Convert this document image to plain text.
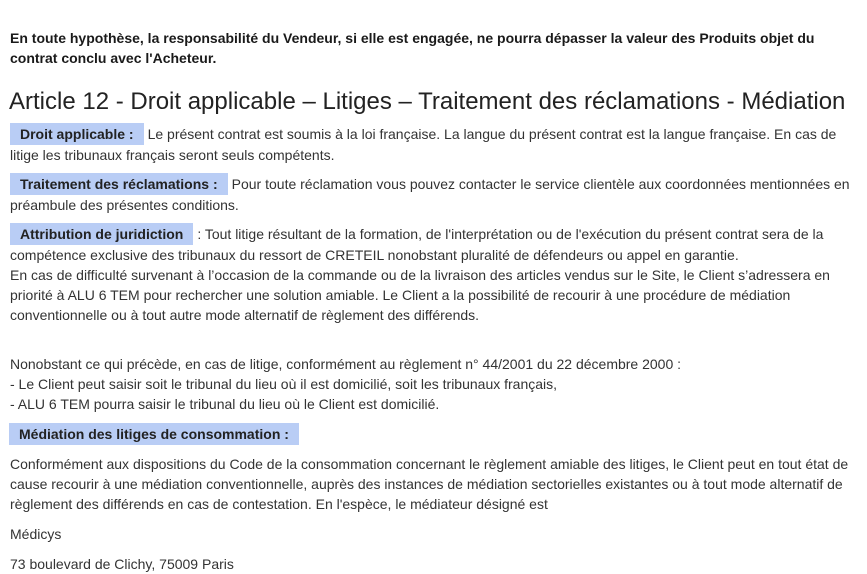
En toute hypothèse, la responsabilité du Vendeur, si elle est engagée, ne pourra dépasser la valeur des Produits objet du
contrat conclu avec l'Acheteur.

Article 12 - Droit applicable – Litiges – Traitement des réclamations - Médiation

Droit applicable : Le présent contrat est soumis à la loi française. La langue du présent contrat est la langue française. En cas de
litige les tribunaux français seront seuls compétents.

Traitement des réclamations : Pour toute réclamation vous pouvez contacter le service clientèle aux coordonnées mentionnées en
préambule des présentes conditions.

Attribution de juridiction : Tout litige résultant de la formation, de l'interprétation ou de l'exécution du présent contrat sera de la
compétence exclusive des tribunaux du ressort de CRETEIL nonobstant pluralité de défendeurs ou appel en garantie.
En cas de difficulté survenant à l’occasion de la commande ou de la livraison des articles vendus sur le Site, le Client s’adressera en
priorité à ALU 6 TEM pour rechercher une solution amiable. Le Client a la possibilité de recourir à une procédure de médiation
conventionnelle ou à tout autre mode alternatif de règlement des différends.

Nonobstant ce qui précède, en cas de litige, conformément au règlement n° 44/2001 du 22 décembre 2000 :
- Le Client peut saisir soit le tribunal du lieu où il est domicilié, soit les tribunaux français,
- ALU 6 TEM pourra saisir le tribunal du lieu où le Client est domicilié.

Médiation des litiges de consommation :

Conformément aux dispositions du Code de la consommation concernant le règlement amiable des litiges, le Client peut en tout état de
cause recourir à une médiation conventionnelle, auprès des instances de médiation sectorielles existantes ou à tout mode alternatif de
règlement des différends en cas de contestation. En l'espèce, le médiateur désigné est

Médicys

73 boulevard de Clichy, 75009 Paris
